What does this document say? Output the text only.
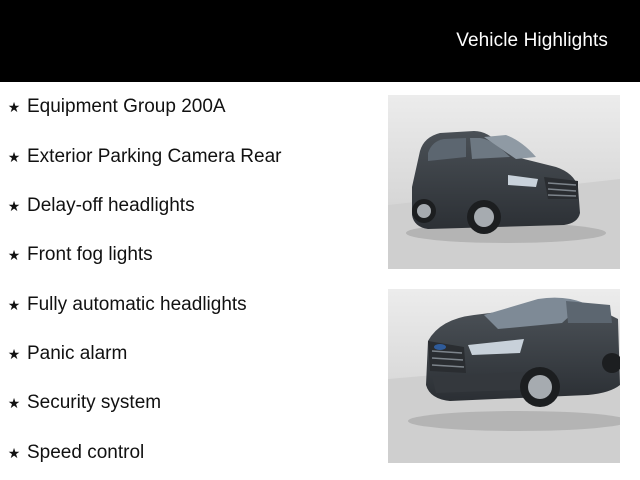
Vehicle Highlights
★ Equipment Group 200A
★ Exterior Parking Camera Rear
★ Delay-off headlights
★ Front fog lights
★ Fully automatic headlights
★ Panic alarm
★ Security system
★ Speed control
